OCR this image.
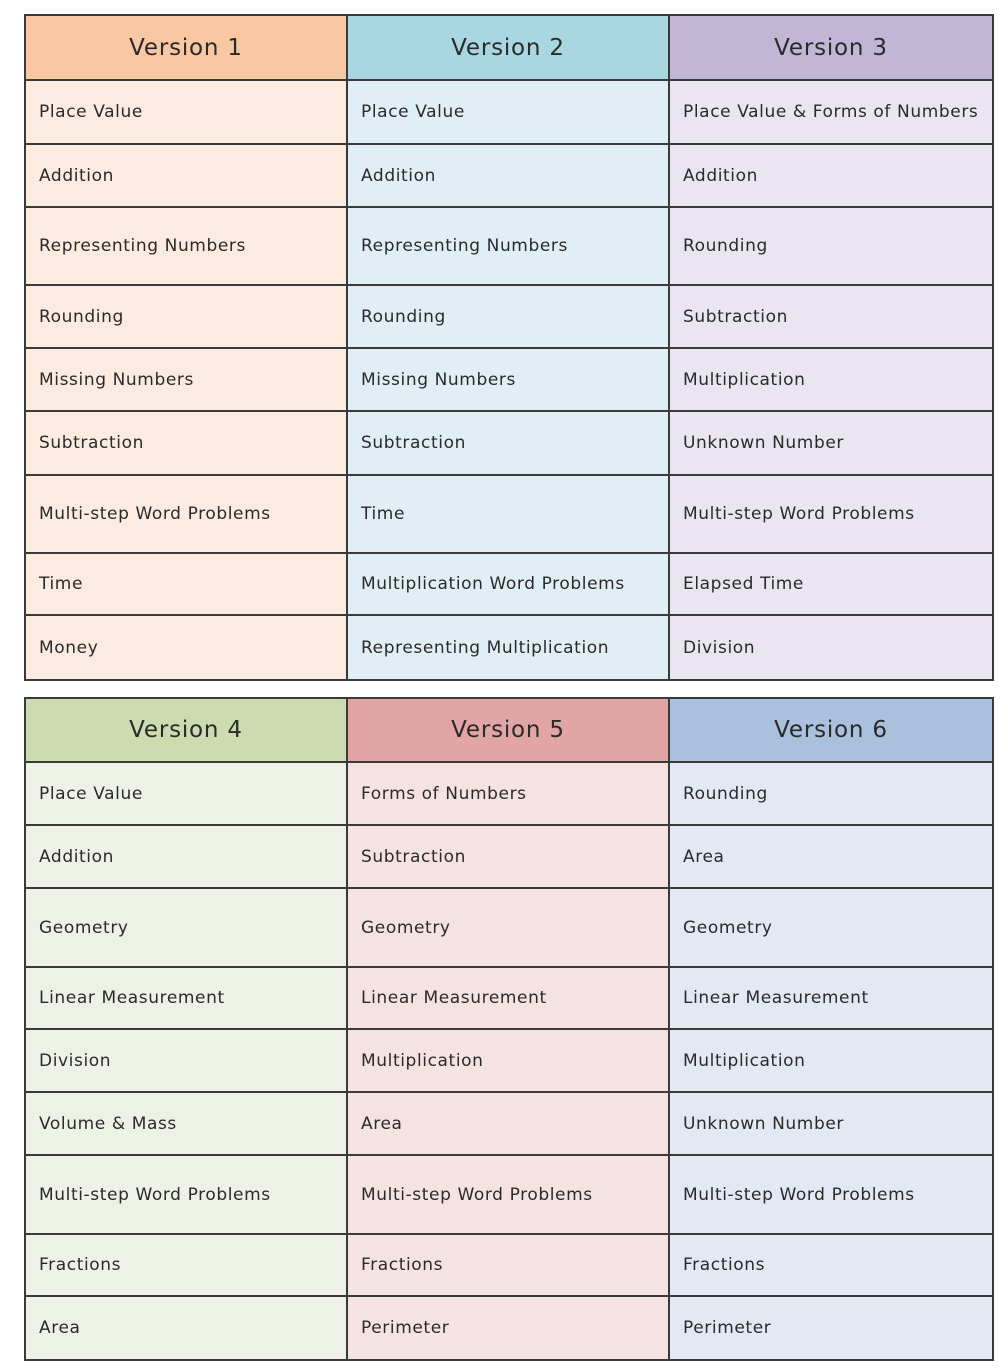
Version 1	Version 2	Version 3
Place Value	Place Value	Place Value & Forms of Numbers
Addition	Addition	Addition
Representing Numbers	Representing Numbers	Rounding
Rounding	Rounding	Subtraction
Missing Numbers	Missing Numbers	Multiplication
Subtraction	Subtraction	Unknown Number
Multi-step Word Problems	Time	Multi-step Word Problems
Time	Multiplication Word Problems	Elapsed Time
Money	Representing Multiplication	Division
Version 4	Version 5	Version 6
Place Value	Forms of Numbers	Rounding
Addition	Subtraction	Area
Geometry	Geometry	Geometry
Linear Measurement	Linear Measurement	Linear Measurement
Division	Multiplication	Multiplication
Volume & Mass	Area	Unknown Number
Multi-step Word Problems	Multi-step Word Problems	Multi-step Word Problems
Fractions	Fractions	Fractions
Area	Perimeter	Perimeter
